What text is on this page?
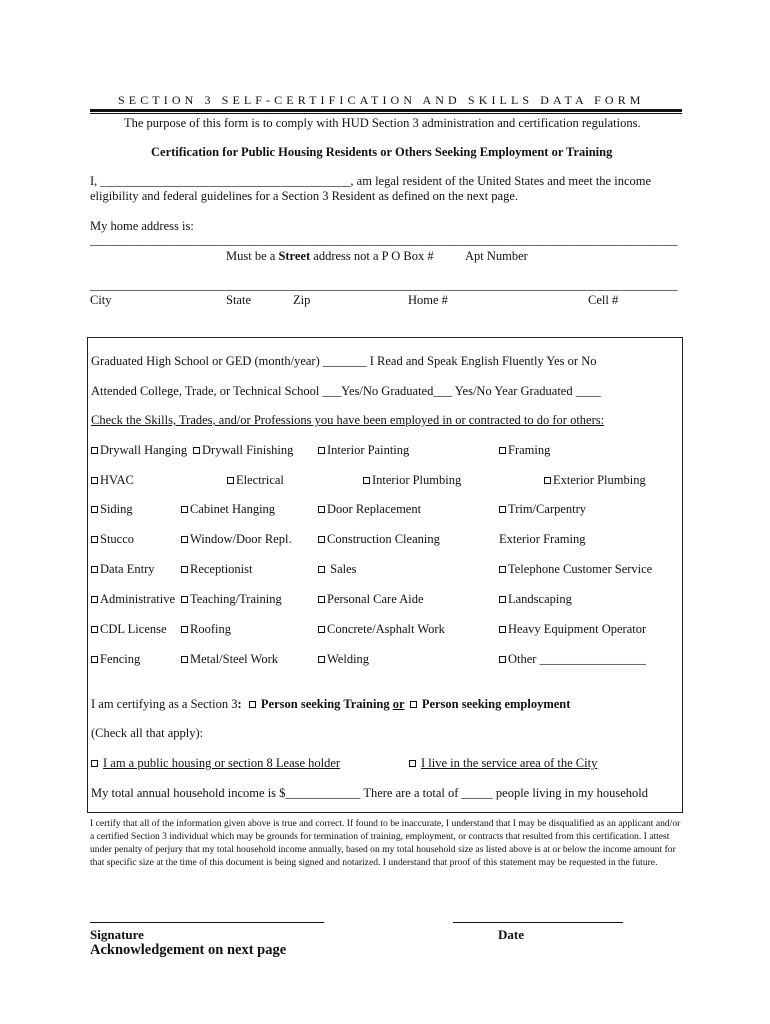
SECTION 3 SELF-CERTIFICATION AND SKILLS DATA FORM
The purpose of this form is to comply with HUD Section 3 administration and certification regulations.
Certification for Public Housing Residents or Others Seeking Employment or Training
I, ________________________________________, am legal resident of the United States and meet the income
eligibility and federal guidelines for a Section 3 Resident as defined on the next page.
My home address is:
______________________________________________________________________________________________
Must be a Street address not a P O Box #	Apt Number
______________________________________________________________________________________________
City	State	Zip	Home #	Cell #
Graduated High School or GED (month/year) _______ I Read and Speak English Fluently Yes or No
Attended College, Trade, or Technical School ___Yes/No Graduated___ Yes/No Year Graduated ____
Check the Skills, Trades, and/or Professions you have been employed in or contracted to do for others:
Drywall Hanging	Drywall Finishing	Interior Painting	Framing
HVAC	Electrical	Interior Plumbing	Exterior Plumbing
Siding	Cabinet Hanging	Door Replacement	Trim/Carpentry
Stucco	Window/Door Repl.	Construction Cleaning	Exterior Framing
Data Entry	Receptionist	Sales	Telephone Customer Service
Administrative	Teaching/Training	Personal Care Aide	Landscaping
CDL License	Roofing	Concrete/Asphalt Work	Heavy Equipment Operator
Fencing	Metal/Steel Work	Welding	Other _________________
I am certifying as a Section 3: Person seeking Training or Person seeking employment
(Check all that apply):
I am a public housing or section 8 Lease holder	I live in the service area of the City
My total annual household income is $____________ There are a total of _____ people living in my household
I certify that all of the information given above is true and correct. If found to be inaccurate, I understand that I may be disqualified as an applicant and/or a certified Section 3 individual which may be grounds for termination of training, employment, or contracts that resulted from this certification. I attest under penalty of perjury that my total household income annually, based on my total household size as listed above is at or below the income amount for that specific size at the time of this document is being signed and notarized. I understand that proof of this statement may be requested in the future.
Signature	Date
Acknowledgement on next page
